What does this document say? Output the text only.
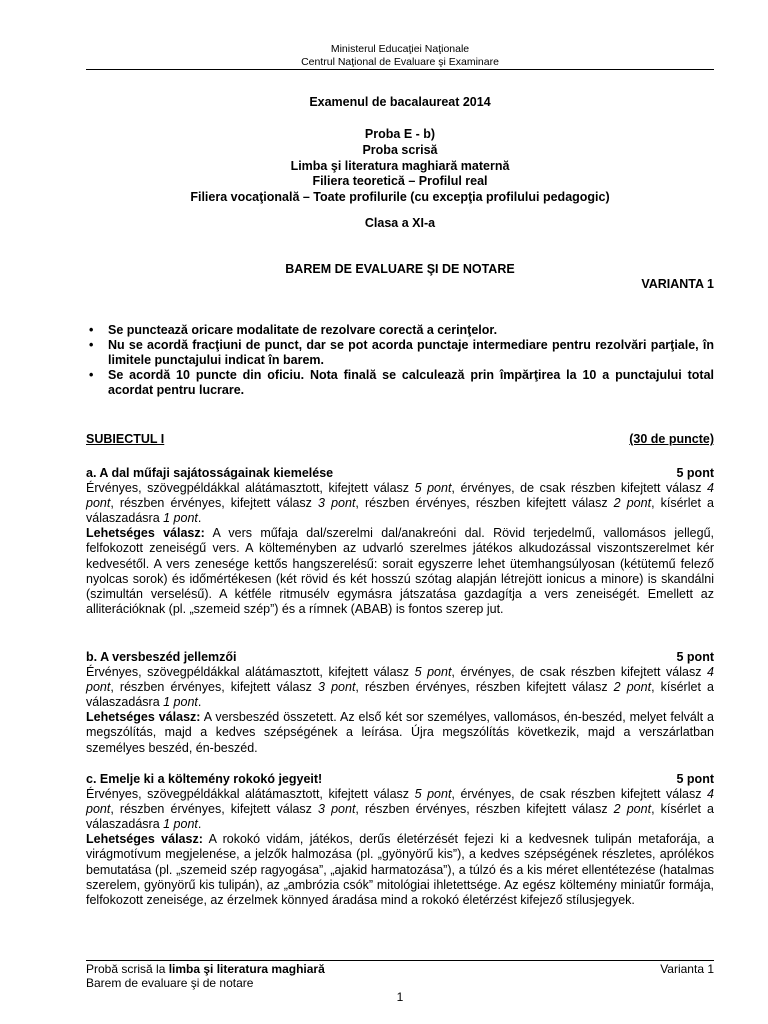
Ministerul Educaţiei Naţionale
Centrul Naţional de Evaluare şi Examinare
Examenul de bacalaureat 2014
Proba E - b)
Proba scrisă
Limba şi literatura maghiară maternă
Filiera teoretică – Profilul real
Filiera vocaţională – Toate profilurile (cu excepţia profilului pedagogic)
Clasa a XI-a
BAREM DE EVALUARE ŞI DE NOTARE
VARIANTA 1
• Se punctează oricare modalitate de rezolvare corectă a cerinţelor.
• Nu se acordă fracţiuni de punct, dar se pot acorda punctaje intermediare pentru rezolvări parţiale, în limitele punctajului indicat în barem.
• Se acordă 10 puncte din oficiu. Nota finală se calculează prin împărţirea la 10 a punctajului total acordat pentru lucrare.
SUBIECTUL I	(30 de puncte)
a. A dal műfaji sajátosságainak kiemelése	5 pont

Érvényes, szövegpéldákkal alátámasztott, kifejtett válasz 5 pont, érvényes, de csak részben kifejtett válasz 4 pont, részben érvényes, kifejtett válasz 3 pont, részben érvényes, részben kifejtett válasz 2 pont, kísérlet a válaszadásra 1 pont.

Lehetséges válasz: A vers műfaja dal/szerelmi dal/anakreóni dal. Rövid terjedelmű, vallomásos jellegű, felfokozott zeneiségű vers. A költeményben az udvarló szerelmes játékos alkudozással viszontszerelmet kér kedvesétől. A vers zenesége kettős hangszerelésű: sorait egyszerre lehet ütemhangsúlyosan (kétütemű felező nyolcas sorok) és időmértékesen (két rövid és két hosszú szótag alapján létrejött ionicus a minore) is skandálni (szimultán verselésű). A kétféle ritmusélv egymásra játszatása gazdagítja a vers zeneiségét. Emellett az alliterációknak (pl. „szemeid szép”) és a rímnek (ABAB) is fontos szerep jut.

b. A versbeszéd jellemzői	5 pont

Érvényes, szövegpéldákkal alátámasztott, kifejtett válasz 5 pont, érvényes, de csak részben kifejtett válasz 4 pont, részben érvényes, kifejtett válasz 3 pont, részben érvényes, részben kifejtett válasz 2 pont, kísérlet a válaszadásra 1 pont.

Lehetséges válasz: A versbeszéd összetett. Az első két sor személyes, vallomásos, én-beszéd, melyet felvált a megszólítás, majd a kedves szépségének a leírása. Újra megszólítás következik, majd a verszárlatban személyes beszéd, én-beszéd.

c. Emelje ki a költemény rokokó jegyeit!	5 pont

Érvényes, szövegpéldákkal alátámasztott, kifejtett válasz 5 pont, érvényes, de csak részben kifejtett válasz 4 pont, részben érvényes, kifejtett válasz 3 pont, részben érvényes, részben kifejtett válasz 2 pont, kísérlet a válaszadásra 1 pont.

Lehetséges válasz: A rokokó vidám, játékos, derűs életérzését fejezi ki a kedvesnek tulipán metaforája, a virágmotívum megjelenése, a jelzők halmozása (pl. „gyönyörű kis”), a kedves szépségének részletes, aprólékos bemutatása (pl. „szemeid szép ragyogása”, „ajakid harmatozása”), a túlzó és a kis méret ellentétezése (hatalmas szerelem, gyönyörű kis tulipán), az „ambrózia csók” mitológiai ihletettsége. Az egész költemény miniatűr formája, felfokozott zeneisége, az érzelmek könnyed áradása mind a rokokó életérzést kifejező stílusjegyek.

Probă scrisă la limba şi literatura maghiară	Varianta 1
Barem de evaluare şi de notare
1
